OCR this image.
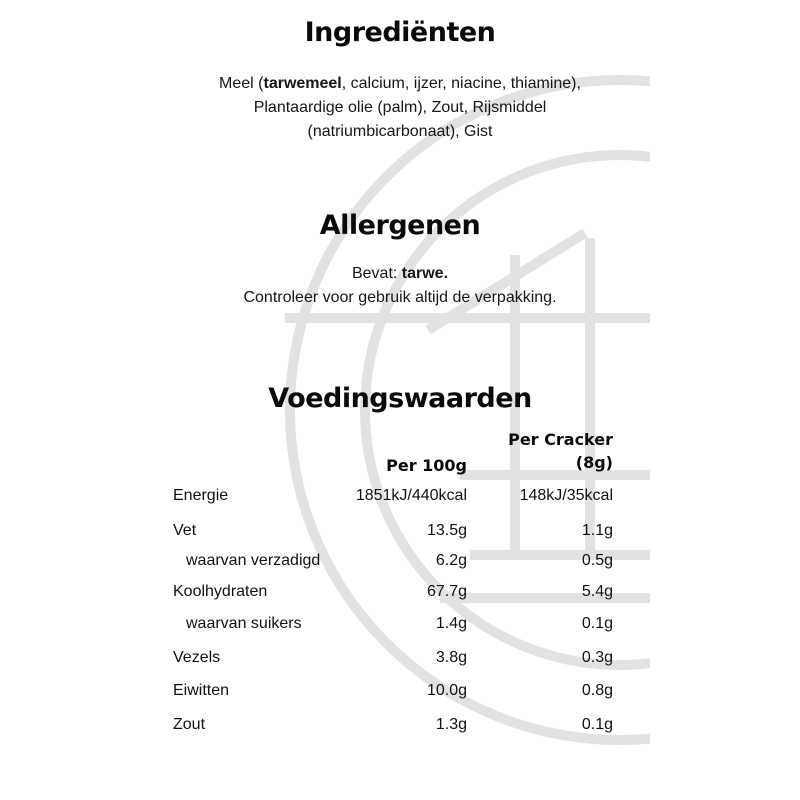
Ingrediënten
Meel (tarwemeel, calcium, ijzer, niacine, thiamine),
Plantaardige olie (palm), Zout, Rijsmiddel
(natriumbicarbonaat), Gist
Allergenen
Bevat: tarwe.
Controleer voor gebruik altijd de verpakking.
Voedingswaarden
Per 100g
Per Cracker
(8g)
Energie	1851kJ/440kcal	148kJ/35kcal
Vet	13.5g	1.1g
waarvan verzadigd	6.2g	0.5g
Koolhydraten	67.7g	5.4g
waarvan suikers	1.4g	0.1g
Vezels	3.8g	0.3g
Eiwitten	10.0g	0.8g
Zout	1.3g	0.1g
